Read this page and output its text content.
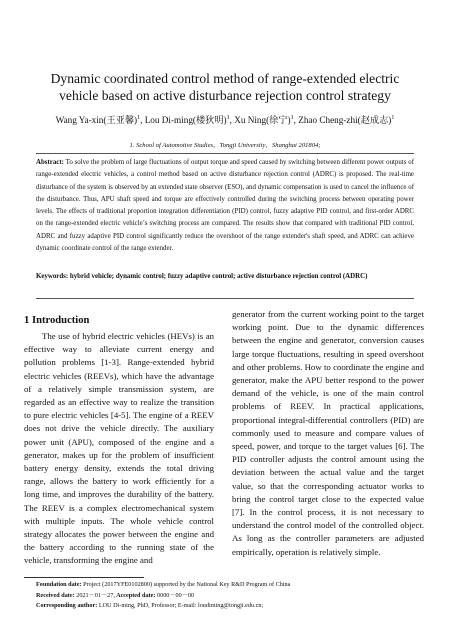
Dynamic coordinated control method of range-extended electric
vehicle based on active disturbance rejection control strategy
Wang Ya-xin(王亚馨)$^1$, Lou Di-ming(楼狄明)$^1$, Xu Ning(徐宁)$^1$, Zhao Cheng-zhi(赵成志)$^1$
1. School of Automotive Studies，Tongji University，Shanghai 201804;
Abstract: To solve the problem of large fluctuations of output torque and speed caused by switching between different power outputs of range-extended electric vehicles, a control method based on active disturbance rejection control (ADRC) is proposed. The real-time disturbance of the system is observed by an extended state observer (ESO), and dynamic compensation is used to cancel the influence of the disturbance. Thus, APU shaft speed and torque are effectively controlled during the switching process between operating power levels. The effects of traditional proportion integration differentiation (PID) control, fuzzy adaptive PID control, and first-order ADRC on the range-extended electric vehicle’s switching process are compared. The results show that compared with traditional PID control, ADRC and fuzzy adaptive PID control significantly reduce the overshoot of the range extender's shaft speed, and ADRC can achieve dynamic coordinate control of the range extender.
Keywords: hybrid vehicle; dynamic control; fuzzy adaptive control; active disturbance rejection control (ADRC)
1 Introduction
The use of hybrid electric vehicles (HEVs) is an effective way to alleviate current energy and pollution problems [1-3]. Range-extended hybrid electric vehicles (REEVs), which have the advantage of a relatively simple transmission system, are regarded as an effective way to realize the transition to pure electric vehicles [4-5]. The engine of a REEV does not drive the vehicle directly. The auxiliary power unit (APU), composed of the engine and a generator, makes up for the problem of insufficient battery energy density, extends the total driving range, allows the battery to work efficiently for a long time, and improves the durability of the battery. The REEV is a complex electromechanical system with multiple inputs. The whole vehicle control strategy allocates the power between the engine and the battery according to the running state of the vehicle, transforming the engine and
generator from the current working point to the target working point. Due to the dynamic differences between the engine and generator, conversion causes large torque fluctuations, resulting in speed overshoot and other problems. How to coordinate the engine and generator, make the APU better respond to the power demand of the vehicle, is one of the main control problems of REEV. In practical applications, proportional integral-differential controllers (PID) are commonly used to measure and compare values of speed, power, and torque to the target values [6]. The PID controller adjusts the control amount using the deviation between the actual value and the target value, so that the corresponding actuator works to bring the control target close to the expected value [7]. In the control process, it is not necessary to understand the control model of the controlled object. As long as the controller parameters are adjusted empirically, operation is relatively simple.
Foundation date: Project (2017YFE0102800) supported by the National Key R&D Program of China
Received date: 2021－01－27, Accepted date: 0000－00－00
Corresponding author: LOU Di-ming, PhD, Professor; E-mail: loudiming@tongji.edu.cn;
